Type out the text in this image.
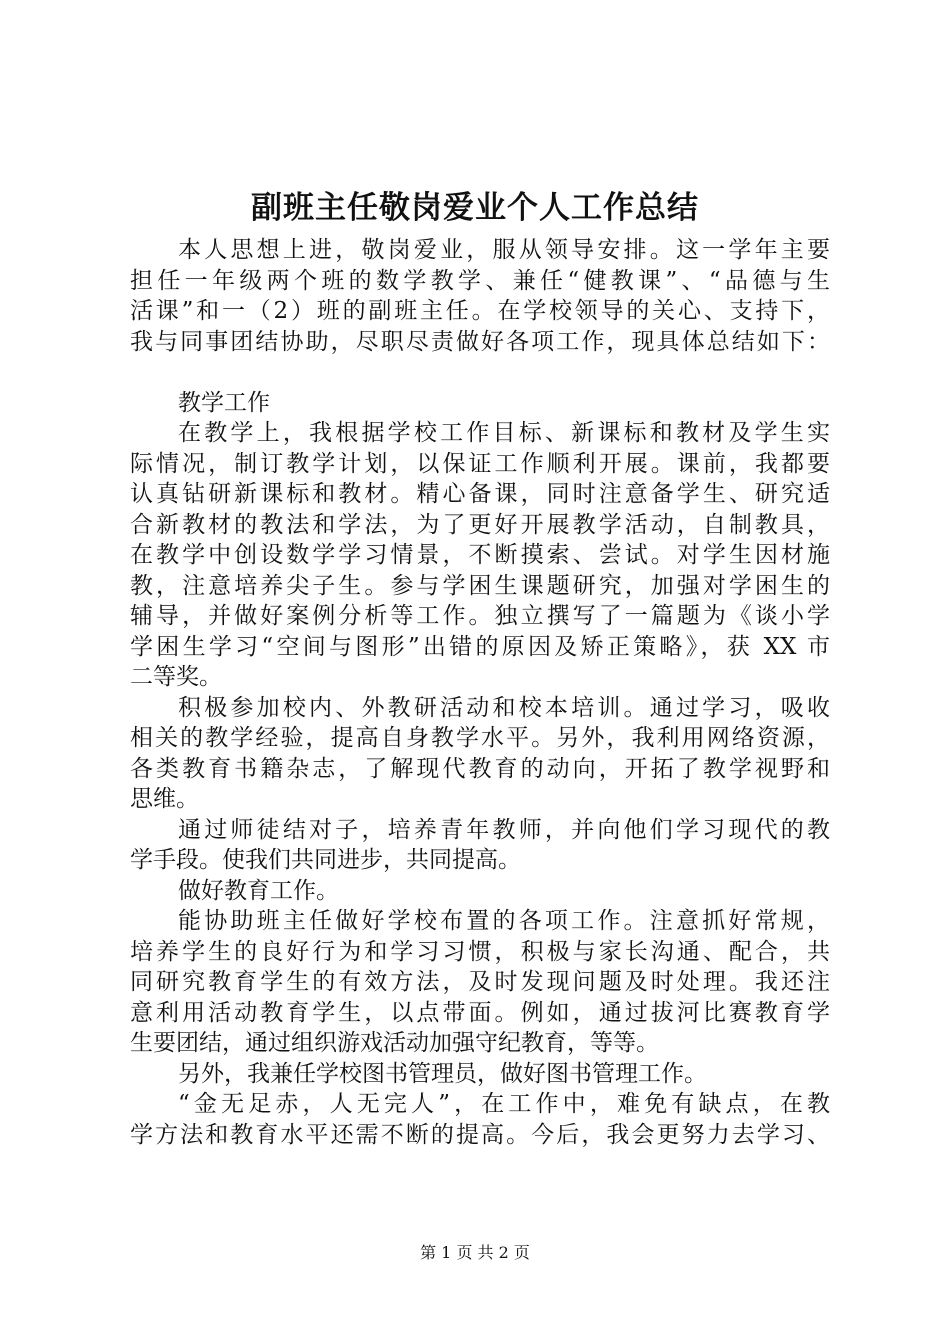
副班主任敬岗爱业个人工作总结
本人思想上进，敬岗爱业，服从领导安排。这一学年主要
担任一年级两个班的数学教学、兼任“健教课”、“品德与生
活课”和一（2）班的副班主任。在学校领导的关心、支持下，
我与同事团结协助，尽职尽责做好各项工作，现具体总结如下：
教学工作
在教学上，我根据学校工作目标、新课标和教材及学生实
际情况，制订教学计划，以保证工作顺利开展。课前，我都要
认真钻研新课标和教材。精心备课，同时注意备学生、研究适
合新教材的教法和学法，为了更好开展教学活动，自制教具，
在教学中创设数学学习情景，不断摸索、尝试。对学生因材施
教，注意培养尖子生。参与学困生课题研究，加强对学困生的
辅导，并做好案例分析等工作。独立撰写了一篇题为《谈小学
学困生学习“空间与图形”出错的原因及矫正策略》，获 XX 市
二等奖。
积极参加校内、外教研活动和校本培训。通过学习，吸收
相关的教学经验，提高自身教学水平。另外，我利用网络资源，
各类教育书籍杂志，了解现代教育的动向，开拓了教学视野和
思维。
通过师徒结对子，培养青年教师，并向他们学习现代的教
学手段。使我们共同进步，共同提高。
做好教育工作。
能协助班主任做好学校布置的各项工作。注意抓好常规，
培养学生的良好行为和学习习惯，积极与家长沟通、配合，共
同研究教育学生的有效方法，及时发现问题及时处理。我还注
意利用活动教育学生，以点带面。例如，通过拔河比赛教育学
生要团结，通过组织游戏活动加强守纪教育，等等。
另外，我兼任学校图书管理员，做好图书管理工作。
“金无足赤，人无完人”，在工作中，难免有缺点，在教
学方法和教育水平还需不断的提高。今后，我会更努力去学习、
第 1 页 共 2 页
